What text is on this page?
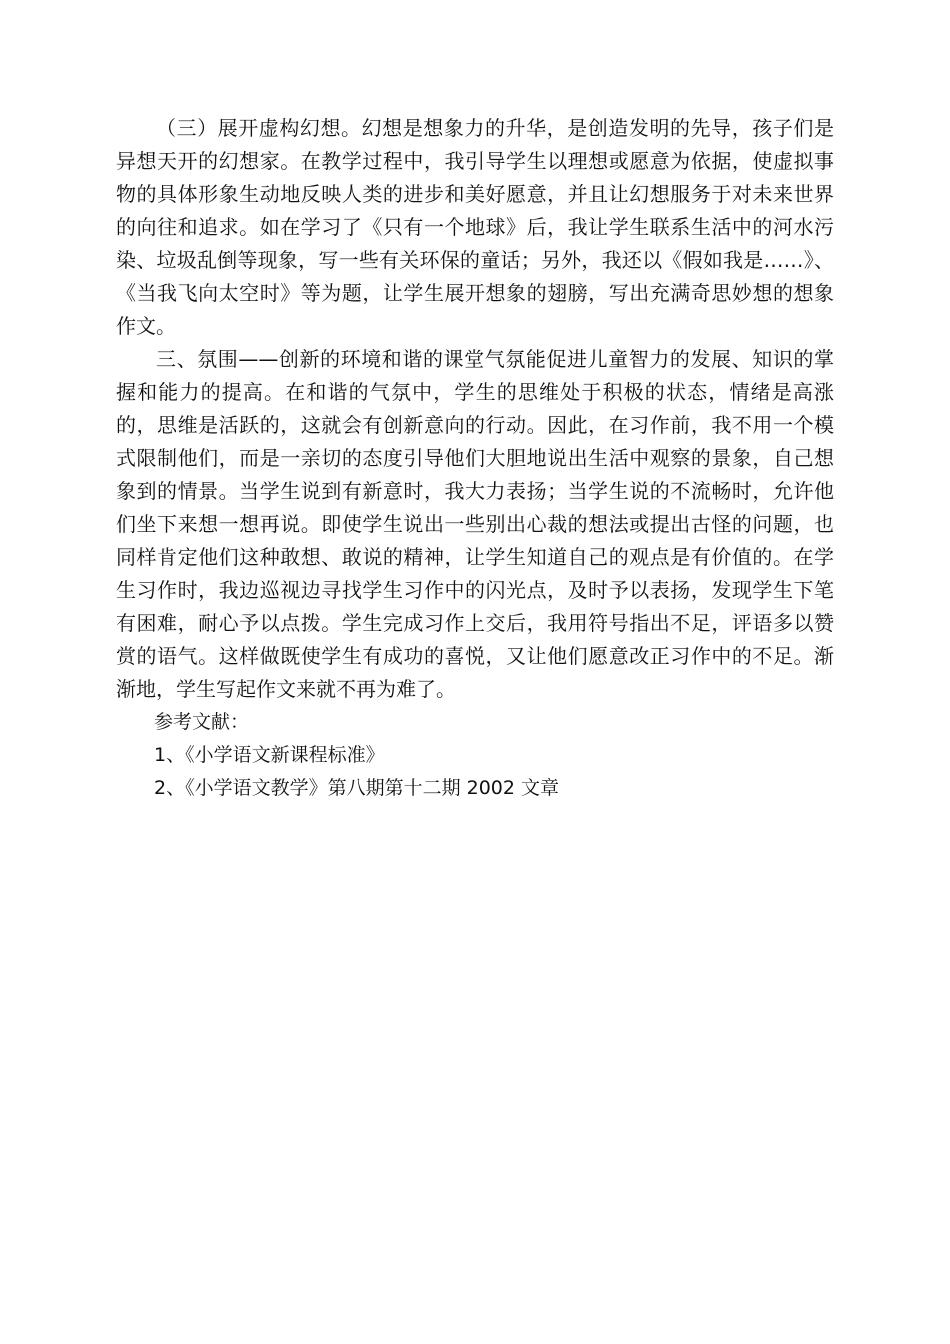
（三）展开虚构幻想。幻想是想象力的升华，是创造发明的先导，孩子们是异想天开的幻想家。在教学过程中，我引导学生以理想或愿意为依据，使虚拟事物的具体形象生动地反映人类的进步和美好愿意，并且让幻想服务于对未来世界的向往和追求。如在学习了《只有一个地球》后，我让学生联系生活中的河水污染、垃圾乱倒等现象，写一些有关环保的童话；另外，我还以《假如我是……》、《当我飞向太空时》等为题，让学生展开想象的翅膀，写出充满奇思妙想的想象作文。

三、氛围——创新的环境和谐的课堂气氛能促进儿童智力的发展、知识的掌握和能力的提高。在和谐的气氛中，学生的思维处于积极的状态，情绪是高涨的，思维是活跃的，这就会有创新意向的行动。因此，在习作前，我不用一个模式限制他们，而是一亲切的态度引导他们大胆地说出生活中观察的景象，自己想象到的情景。当学生说到有新意时，我大力表扬；当学生说的不流畅时，允许他们坐下来想一想再说。即使学生说出一些别出心裁的想法或提出古怪的问题，也同样肯定他们这种敢想、敢说的精神，让学生知道自己的观点是有价值的。在学生习作时，我边巡视边寻找学生习作中的闪光点，及时予以表扬，发现学生下笔有困难，耐心予以点拨。学生完成习作上交后，我用符号指出不足，评语多以赞赏的语气。这样做既使学生有成功的喜悦，又让他们愿意改正习作中的不足。渐渐地，学生写起作文来就不再为难了。

参考文献：

1、《小学语文新课程标准》

2、《小学语文教学》第八期第十二期 2002 文章
